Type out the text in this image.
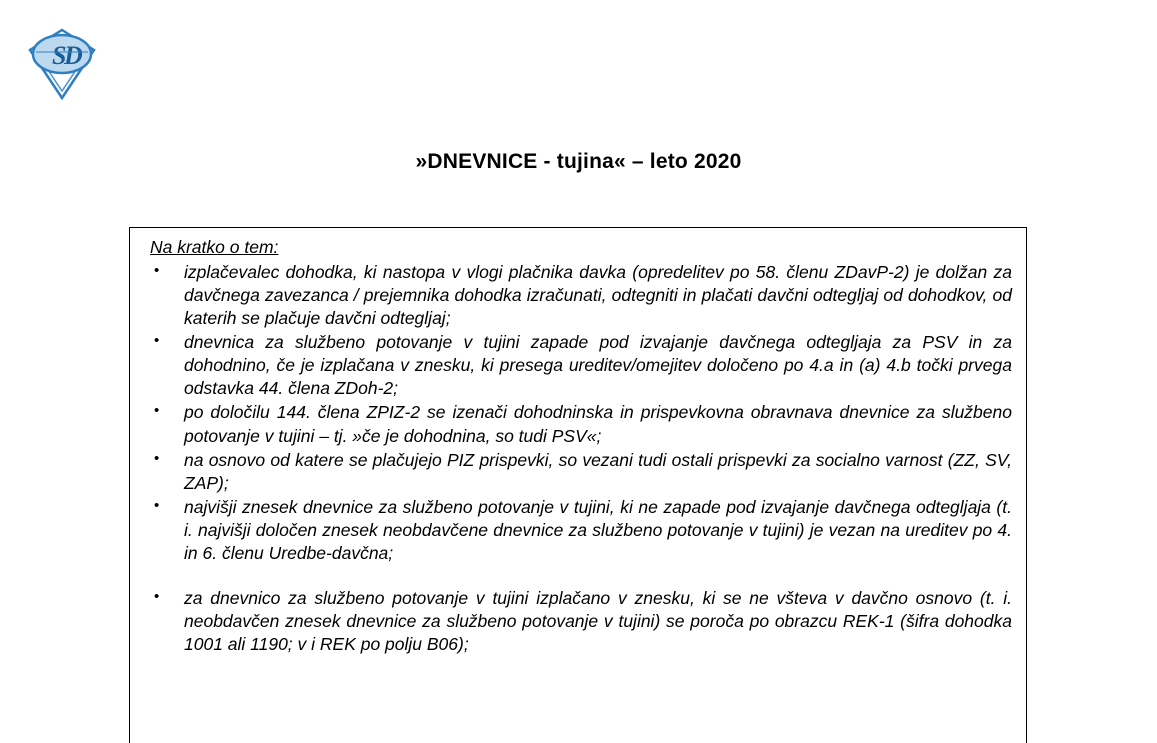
S
D
»DNEVNICE - tujina« – leto 2020
Na kratko o tem:
• izplačevalec dohodka, ki nastopa v vlogi plačnika davka (opredelitev po 58. členu ZDavP-2) je dolžan za davčnega zavezanca / prejemnika dohodka izračunati, odtegniti in plačati davčni odtegljaj od dohodkov, od katerih se plačuje davčni odtegljaj;
• dnevnica za službeno potovanje v tujini zapade pod izvajanje davčnega odtegljaja za PSV in za dohodnino, če je izplačana v znesku, ki presega ureditev/omejitev določeno po 4.a in (a) 4.b točki prvega odstavka 44. člena ZDoh-2;
• po določilu 144. člena ZPIZ-2 se izenači dohodninska in prispevkovna obravnava dnevnice za službeno potovanje v tujini – tj. »če je dohodnina, so tudi PSV«;
• na osnovo od katere se plačujejo PIZ prispevki, so vezani tudi ostali prispevki za socialno varnost (ZZ, SV, ZAP);
• najvišji znesek dnevnice za službeno potovanje v tujini, ki ne zapade pod izvajanje davčnega odtegljaja (t. i. najvišji določen znesek neobdavčene dnevnice za službeno potovanje v tujini) je vezan na ureditev po 4. in 6. členu Uredbe-davčna;
• za dnevnico za službeno potovanje v tujini izplačano v znesku, ki se ne všteva v davčno osnovo (t. i. neobdavčen znesek dnevnice za službeno potovanje v tujini) se poroča po obrazcu REK-1 (šifra dohodka 1001 ali 1190; v i REK po polju B06);
